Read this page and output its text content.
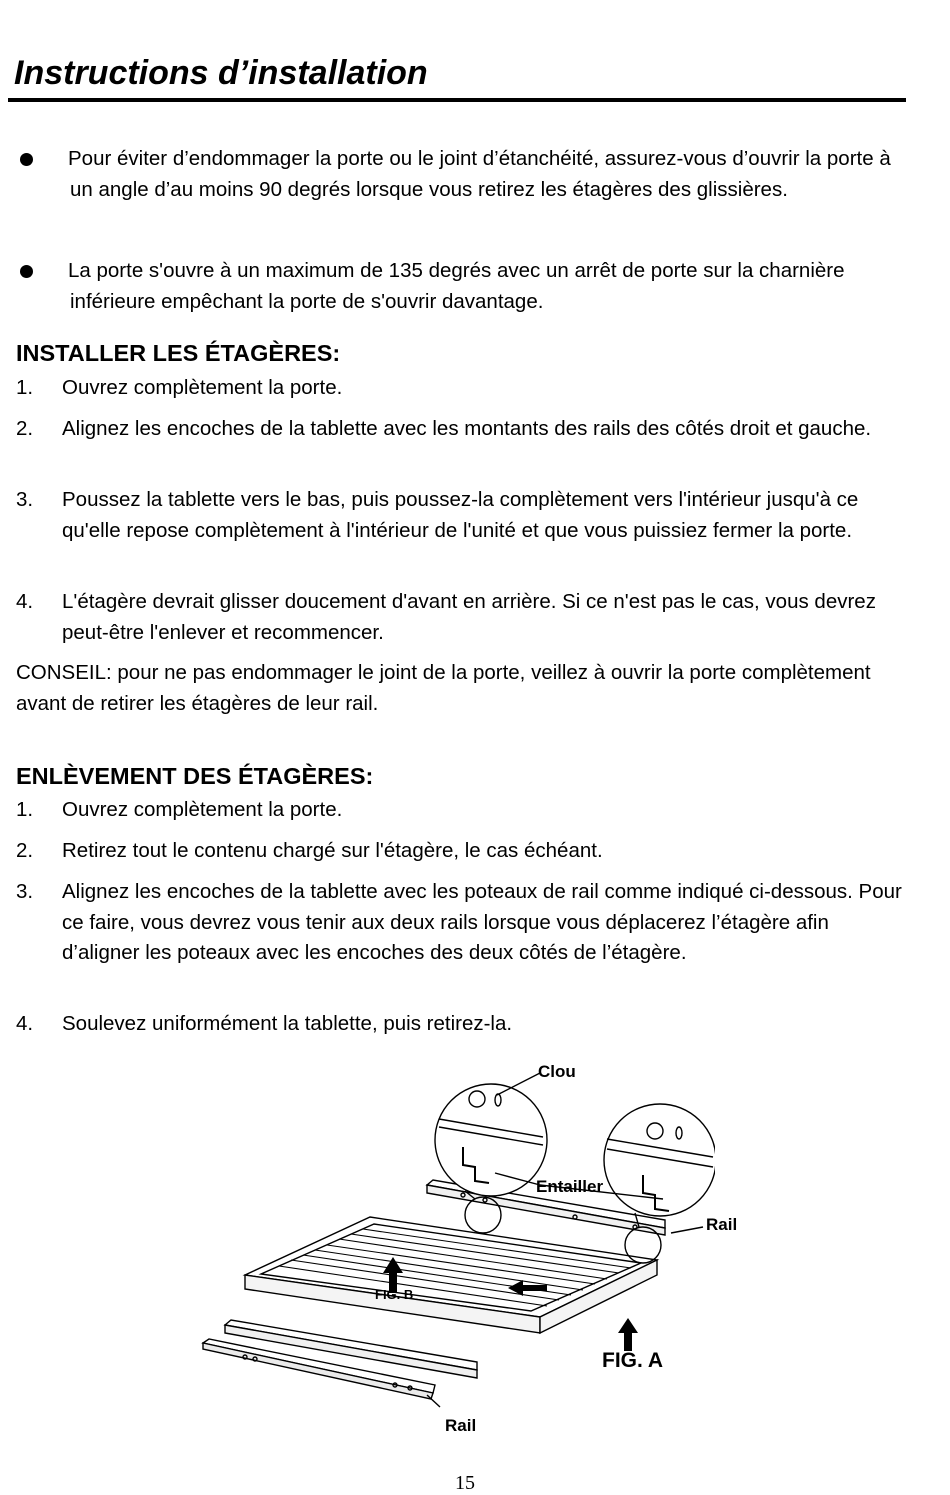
Instructions d’installation
Pour éviter d’endommager la porte ou le joint d’étanchéité, assurez-vous d’ouvrir la porte à un angle d’au moins 90 degrés lorsque vous retirez les étagères des glissières.
La porte s'ouvre à un maximum de 135 degrés avec un arrêt de porte sur la charnière inférieure empêchant la porte de s'ouvrir davantage.
INSTALLER LES ÉTAGÈRES:
1. Ouvrez complètement la porte.
2. Alignez les encoches de la tablette avec les montants des rails des côtés droit et gauche.
3. Poussez la tablette vers le bas, puis poussez-la complètement vers l'intérieur jusqu'à ce qu'elle repose complètement à l'intérieur de l'unité et que vous puissiez fermer la porte.
4. L'étagère devrait glisser doucement d'avant en arrière. Si ce n'est pas le cas, vous devrez peut-être l'enlever et recommencer.
CONSEIL: pour ne pas endommager le joint de la porte, veillez à ouvrir la porte complètement avant de retirer les étagères de leur rail.
ENLÈVEMENT DES ÉTAGÈRES:
1. Ouvrez complètement la porte.
2. Retirez tout le contenu chargé sur l'étagère, le cas échéant.
3. Alignez les encoches de la tablette avec les poteaux de rail comme indiqué ci-dessous. Pour ce faire, vous devrez vous tenir aux deux rails lorsque vous déplacerez l’étagère afin d’aligner les poteaux avec les encoches des deux côtés de l’étagère.
4. Soulevez uniformément la tablette, puis retirez-la.
Clou
Entailler
Rail
Rail
FIG. B
FIG. A
15
